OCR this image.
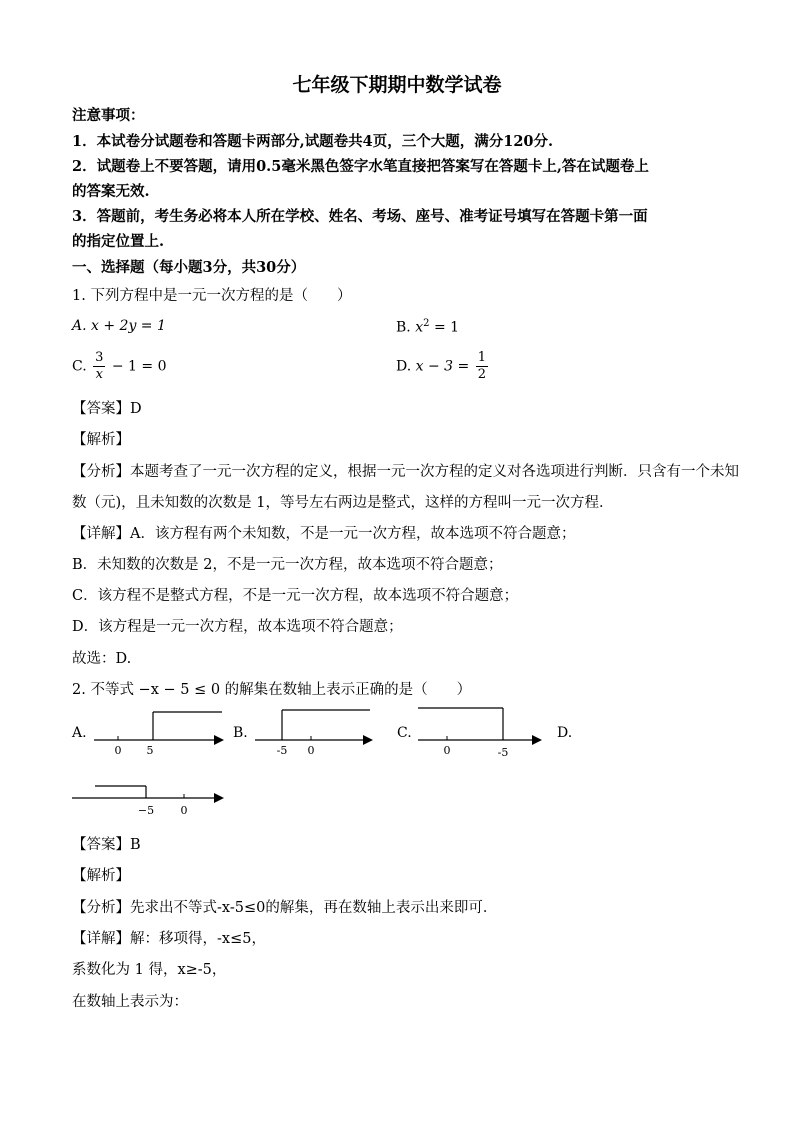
七年级下期期中数学试卷
注意事项：
1．本试卷分试题卷和答题卡两部分,试题卷共4页，三个大题，满分120分.
2．试题卷上不要答题，请用0.5毫米黑色签字水笔直接把答案写在答题卡上,答在试题卷上
的答案无效.
3．答题前，考生务必将本人所在学校、姓名、考场、座号、准考证号填写在答题卡第一面
的指定位置上.
一、选择题（每小题3分，共30分）
1. 下列方程中是一元一次方程的是（　　）
A. x + 2y = 1	B. $x^2 = 1$
C. $\frac{3}{x} - 1 = 0$	D. $x - 3 = \frac{1}{2}$
【答案】D
【解析】
【分析】本题考查了一元一次方程的定义，根据一元一次方程的定义对各选项进行判断．只含有一个未知
数（元)，且未知数的次数是 1，等号左右两边是整式，这样的方程叫一元一次方程．
【详解】A．该方程有两个未知数，不是一元一次方程，故本选项不符合题意；
B．未知数的次数是 2，不是一元一次方程，故本选项不符合题意；
C．该方程不是整式方程，不是一元一次方程，故本选项不符合题意；
D．该方程是一元一次方程，故本选项不符合题意；
故选：D.
2. 不等式 −x − 5 ≤ 0 的解集在数轴上表示正确的是（　　）
A.	B.	C.	D.
0 5	-5 0	0	-5
−5 0
【答案】B
【解析】
【分析】先求出不等式-x-5≤0的解集，再在数轴上表示出来即可．
【详解】解：移项得，-x≤5，
系数化为 1 得，x≥-5，
在数轴上表示为：
